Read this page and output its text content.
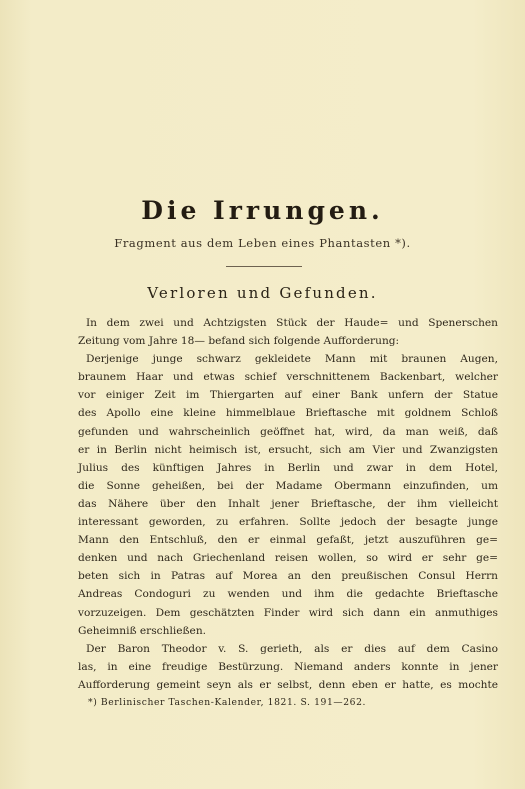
Die Irrungen.
Fragment aus dem Leben eines Phantasten *).
Verloren und Gefunden.
In dem zwei und Achtzigsten Stück der Haude= und Spenerschen
Zeitung vom Jahre 18— befand sich folgende Aufforderung:
Derjenige junge schwarz gekleidete Mann mit braunen Augen,
braunem Haar und etwas schief verschnittenem Backenbart, welcher
vor einiger Zeit im Thiergarten auf einer Bank unfern der Statue
des Apollo eine kleine himmelblaue Brieftasche mit goldnem Schloß
gefunden und wahrscheinlich geöffnet hat, wird, da man weiß, daß
er in Berlin nicht heimisch ist, ersucht, sich am Vier und Zwanzigsten
Julius des künftigen Jahres in Berlin und zwar in dem Hotel,
die Sonne geheißen, bei der Madame Obermann einzufinden, um
das Nähere über den Inhalt jener Brieftasche, der ihm vielleicht
interessant geworden, zu erfahren. Sollte jedoch der besagte junge
Mann den Entschluß, den er einmal gefaßt, jetzt auszuführen ge=
denken und nach Griechenland reisen wollen, so wird er sehr ge=
beten sich in Patras auf Morea an den preußischen Consul Herrn
Andreas Condoguri zu wenden und ihm die gedachte Brieftasche
vorzuzeigen. Dem geschätzten Finder wird sich dann ein anmuthiges
Geheimniß erschließen.
Der Baron Theodor v. S. gerieth, als er dies auf dem Casino
las, in eine freudige Bestürzung. Niemand anders konnte in jener
Aufforderung gemeint seyn als er selbst, denn eben er hatte, es mochte
*) Berlinischer Taschen-Kalender, 1821. S. 191—262.
